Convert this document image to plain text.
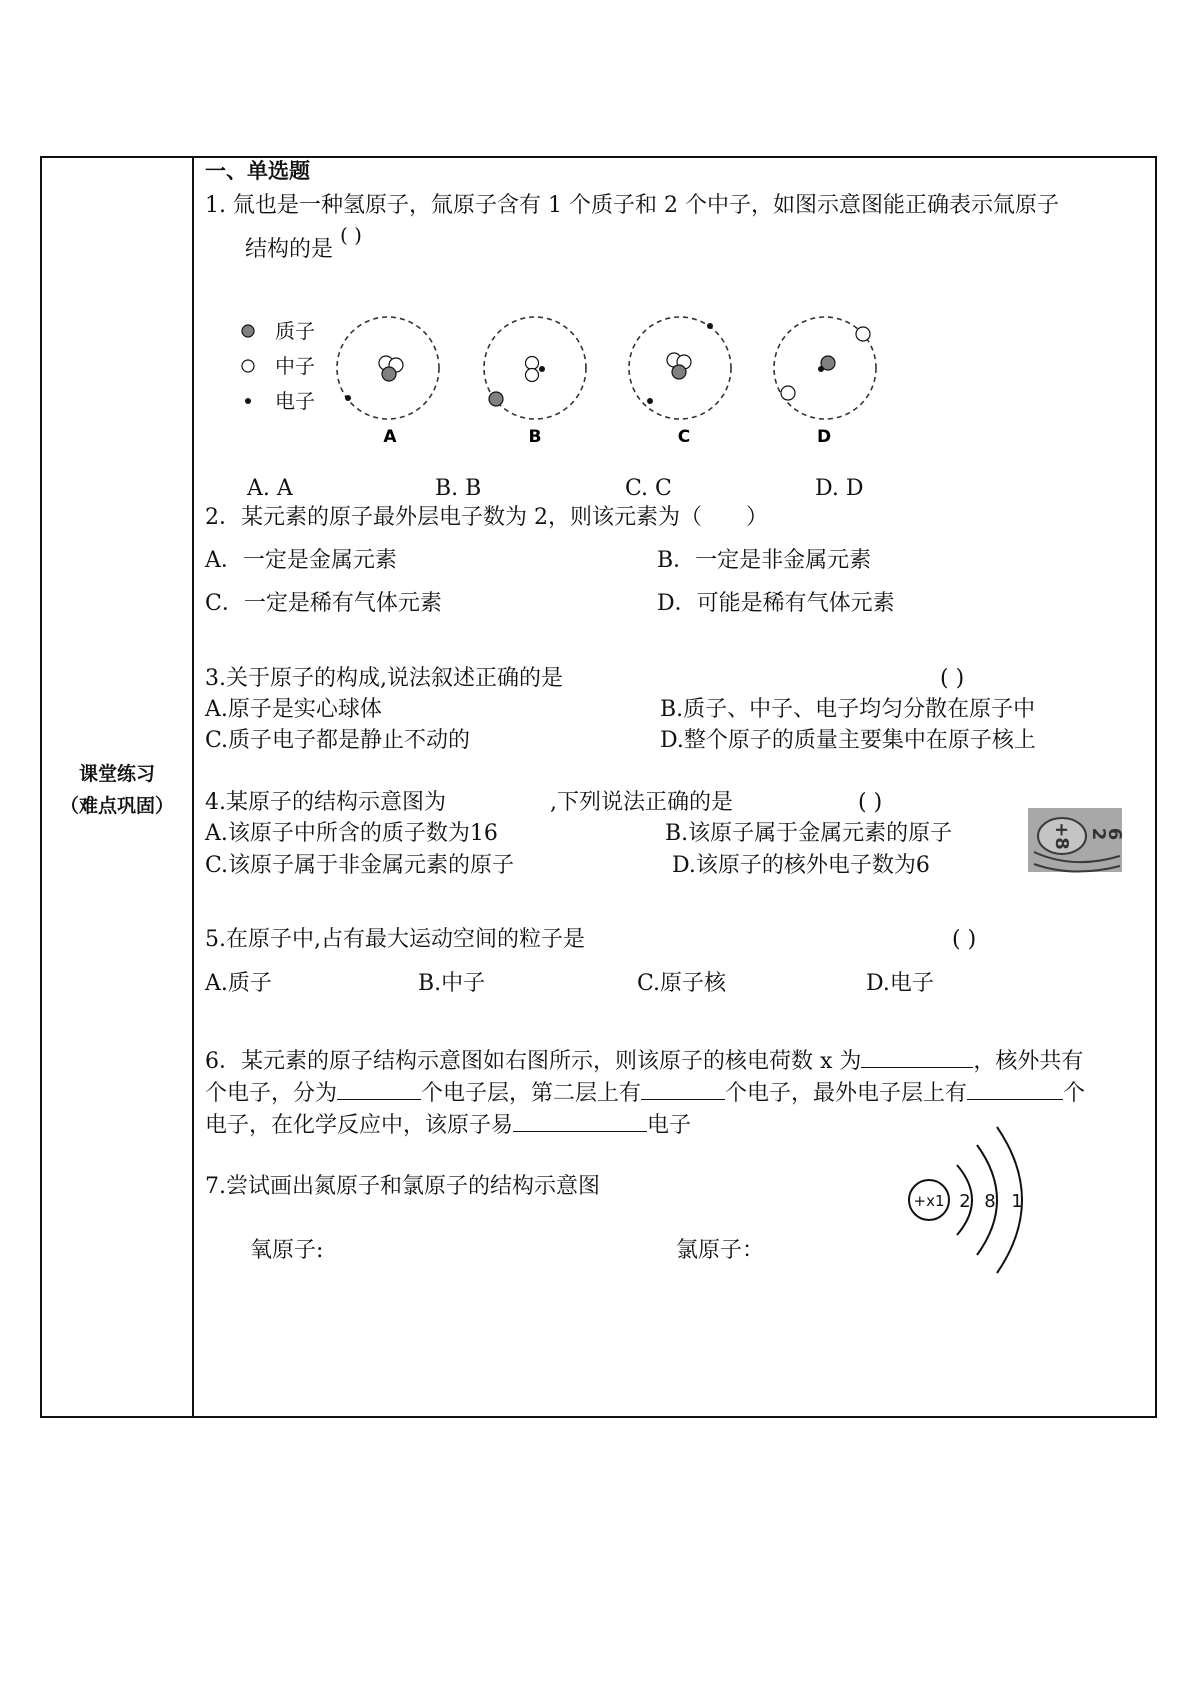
课堂练习
（难点巩固）
一、单选题
1. 氚也是一种氢原子，氚原子含有 1 个质子和 2 个中子，如图示意图能正确表示氚原子
结构的是
( )
质子
中子
电子
A	B	C	D
A. A	B. B	C. C	D. D
2．某元素的原子最外层电子数为 2，则该元素为（　　）
A．一定是金属元素	B．一定是非金属元素
C．一定是稀有气体元素	D．可能是稀有气体元素
3.关于原子的构成,说法叙述正确的是	( )
A.原子是实心球体	B.质子、中子、电子均匀分散在原子中
C.质子电子都是静止不动的	D.整个原子的质量主要集中在原子核上
4.某原子的结构示意图为	,下列说法正确的是	( )
A.该原子中所含的质子数为16	B.该原子属于金属元素的原子
C.该原子属于非金属元素的原子	D.该原子的核外电子数为6
+8 2
6
5.在原子中,占有最大运动空间的粒子是	( )
A.质子	B.中子	C.原子核	D.电子
6．某元素的原子结构示意图如右图所示，则该原子的核电荷数 x 为	，核外共有
个电子，分为	个电子层，第二层上有	个电子，最外电子层上有	个
电子，在化学反应中，该原子易	电子
7.尝试画出氮原子和氯原子的结构示意图
氧原子:	氯原子：
+x1 2 8 1
